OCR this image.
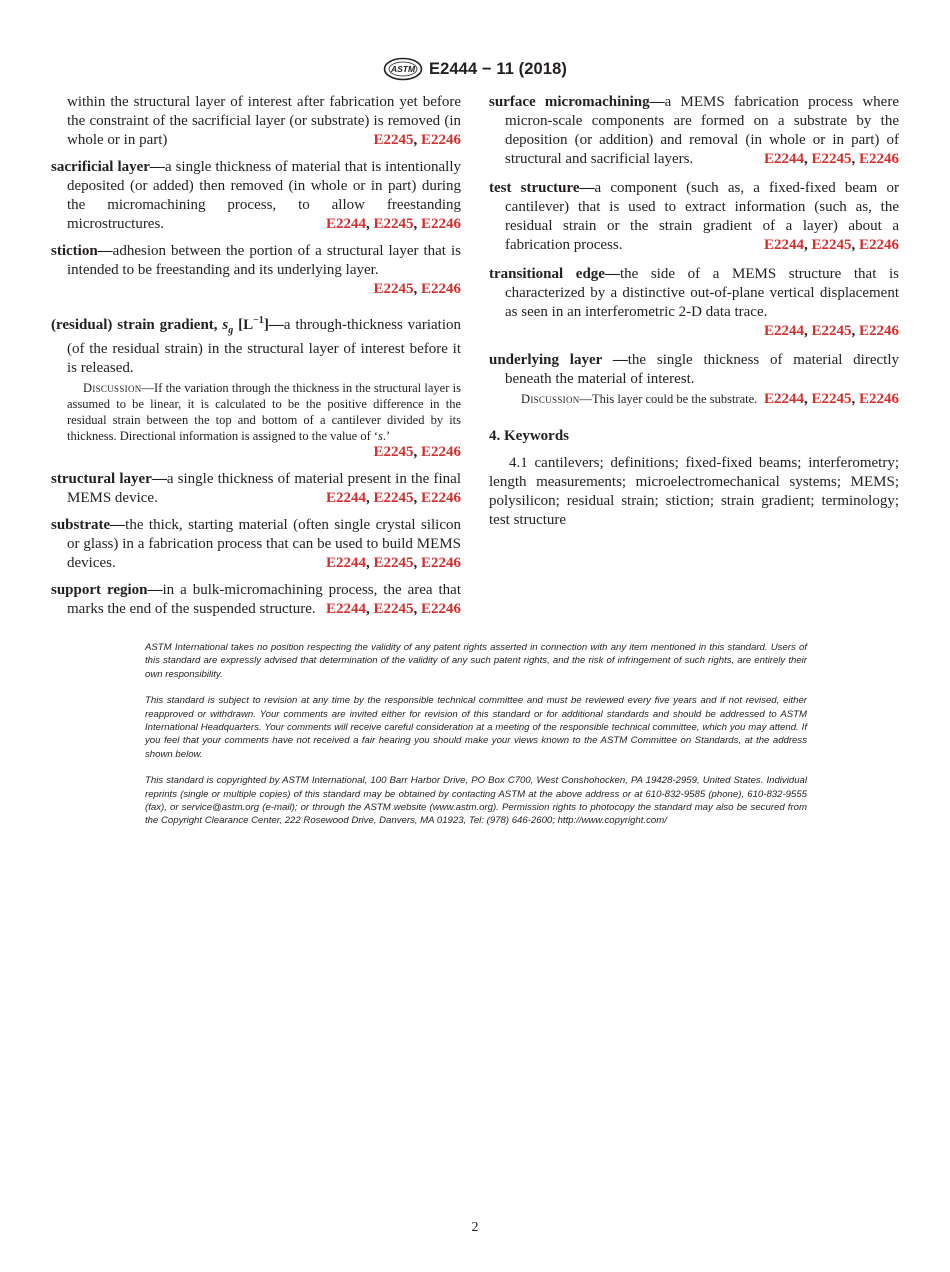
ASTM E2444 − 11 (2018)

within the structural layer of interest after fabrication yet before the constraint of the sacrificial layer (or substrate) is removed (in whole or in part)	E2245, E2246

sacrificial layer—a single thickness of material that is intentionally deposited (or added) then removed (in whole or in part) during the micromachining process, to allow freestanding microstructures.	E2244, E2245, E2246

stiction—adhesion between the portion of a structural layer that is intended to be freestanding and its underlying layer.
E2245, E2246

(residual) strain gradient, $s_g$ $[L^{-1}]—a$ through-thickness variation (of the residual strain) in the structural layer of interest before it is released.
Discussion—If the variation through the thickness in the structural layer is assumed to be linear, it is calculated to be the positive difference in the residual strain between the top and bottom of a cantilever divided by its thickness. Directional information is assigned to the value of ‘s.’
E2245, E2246

structural layer—a single thickness of material present in the final MEMS device.	E2244, E2245, E2246

substrate—the thick, starting material (often single crystal silicon or glass) in a fabrication process that can be used to build MEMS devices.	E2244, E2245, E2246

support region—in a bulk-micromachining process, the area that marks the end of the suspended structure. E2244, E2245, E2246

surface micromachining—a MEMS fabrication process where micron-scale components are formed on a substrate by the deposition (or addition) and removal (in whole or in part) of structural and sacrificial layers.	E2244, E2245, E2246

test structure—a component (such as, a fixed-fixed beam or cantilever) that is used to extract information (such as, the residual strain or the strain gradient of a layer) about a fabrication process.	E2244, E2245, E2246

transitional edge—the side of a MEMS structure that is characterized by a distinctive out-of-plane vertical displacement as seen in an interferometric 2-D data trace.
E2244, E2245, E2246

underlying layer —the single thickness of material directly beneath the material of interest.
Discussion—This layer could be the substrate. E2244, E2245, E2246
4. Keywords

4.1 cantilevers; definitions; fixed-fixed beams; interferometry; length measurements; microelectromechanical systems; MEMS; polysilicon; residual strain; stiction; strain gradient; terminology; test structure

ASTM International takes no position respecting the validity of any patent rights asserted in connection with any item mentioned in this standard. Users of this standard are expressly advised that determination of the validity of any such patent rights, and the risk of infringement of such rights, are entirely their own responsibility.

This standard is subject to revision at any time by the responsible technical committee and must be reviewed every five years and if not revised, either reapproved or withdrawn. Your comments are invited either for revision of this standard or for additional standards and should be addressed to ASTM International Headquarters. Your comments will receive careful consideration at a meeting of the responsible technical committee, which you may attend. If you feel that your comments have not received a fair hearing you should make your views known to the ASTM Committee on Standards, at the address shown below.

This standard is copyrighted by ASTM International, 100 Barr Harbor Drive, PO Box C700, West Conshohocken, PA 19428-2959, United States. Individual reprints (single or multiple copies) of this standard may be obtained by contacting ASTM at the above address or at 610-832-9585 (phone), 610-832-9555 (fax), or service@astm.org (e-mail); or through the ASTM website (www.astm.org). Permission rights to photocopy the standard may also be secured from the Copyright Clearance Center, 222 Rosewood Drive, Danvers, MA 01923, Tel: (978) 646-2600; http://www.copyright.com/

2
